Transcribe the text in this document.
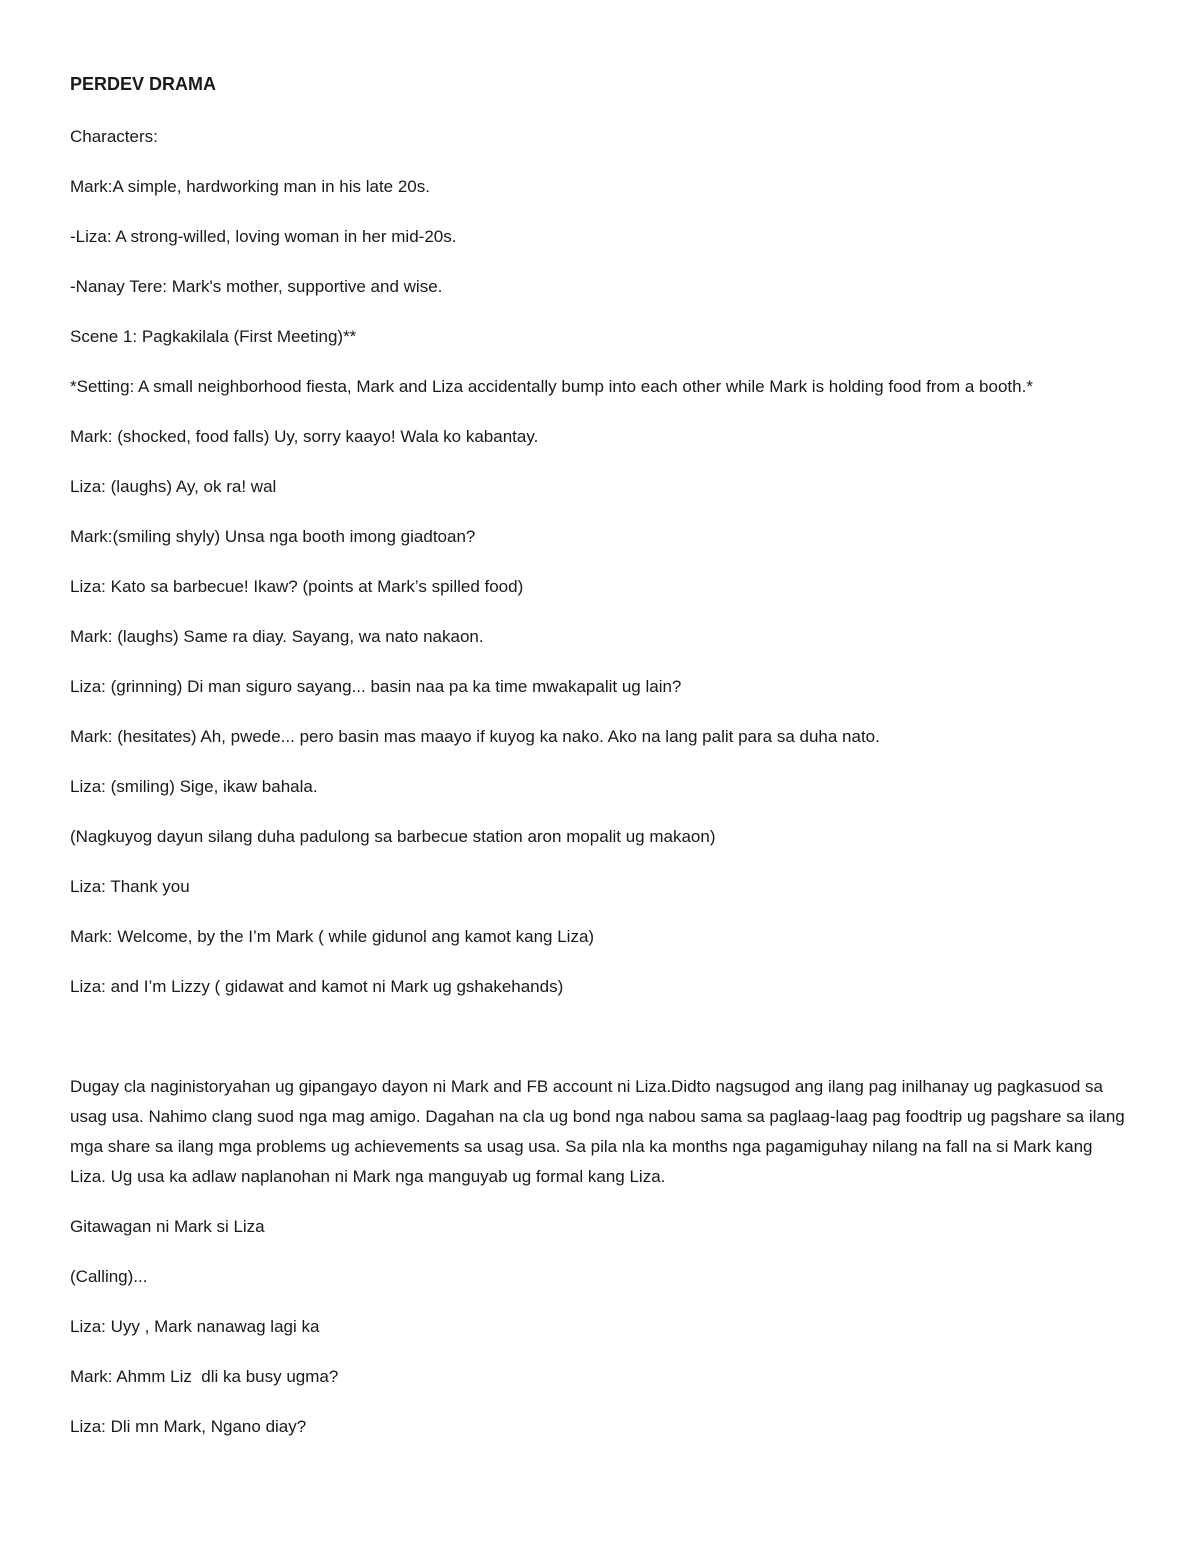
PERDEV DRAMA

Characters:

Mark:A simple, hardworking man in his late 20s.

-Liza: A strong-willed, loving woman in her mid-20s.

-Nanay Tere: Mark's mother, supportive and wise.

Scene 1: Pagkakilala (First Meeting)**

*Setting: A small neighborhood fiesta, Mark and Liza accidentally bump into each other while Mark is holding food from a booth.*

Mark: (shocked, food falls) Uy, sorry kaayo! Wala ko kabantay.

Liza: (laughs) Ay, ok ra! wal

Mark:(smiling shyly) Unsa nga booth imong giadtoan?

Liza: Kato sa barbecue! Ikaw? (points at Mark’s spilled food)

Mark: (laughs) Same ra diay. Sayang, wa nato nakaon.

Liza: (grinning) Di man siguro sayang... basin naa pa ka time mwakapalit ug lain?

Mark: (hesitates) Ah, pwede... pero basin mas maayo if kuyog ka nako. Ako na lang palit para sa duha nato.

Liza: (smiling) Sige, ikaw bahala.

(Nagkuyog dayun silang duha padulong sa barbecue station aron mopalit ug makaon)

Liza: Thank you

Mark: Welcome, by the I’m Mark ( while gidunol ang kamot kang Liza)

Liza: and I’m Lizzy ( gidawat and kamot ni Mark ug gshakehands)

Dugay cla naginistoryahan ug gipangayo dayon ni Mark and FB account ni Liza.Didto nagsugod ang ilang pag inilhanay ug pagkasuod sa usag usa. Nahimo clang suod nga mag amigo. Dagahan na cla ug bond nga nabou sama sa paglaag-laag pag foodtrip ug pagshare sa ilang mga share sa ilang mga problems ug achievements sa usag usa. Sa pila nla ka months nga pagamiguhay nilang na fall na si Mark kang Liza. Ug usa ka adlaw naplanohan ni Mark nga manguyab ug formal kang Liza.

Gitawagan ni Mark si Liza

(Calling)...

Liza: Uyy , Mark nanawag lagi ka

Mark: Ahmm Liz  dli ka busy ugma?

Liza: Dli mn Mark, Ngano diay?
